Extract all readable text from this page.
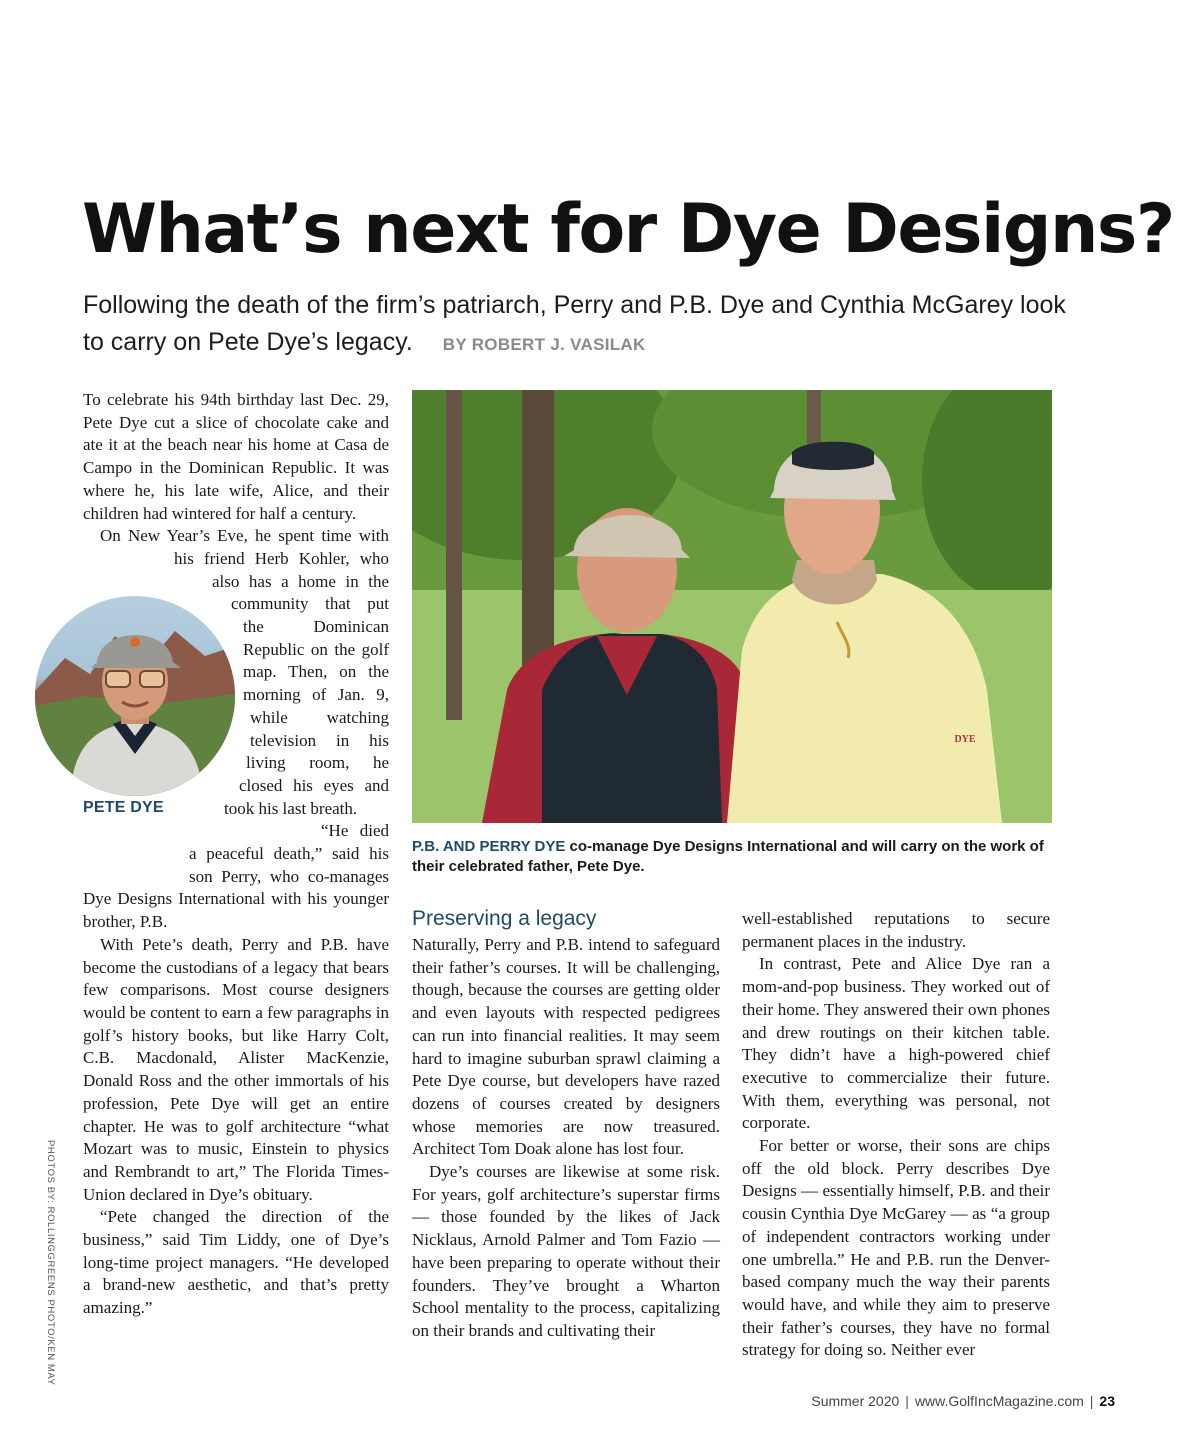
What’s next for Dye Designs?
Following the death of the firm’s patriarch, Perry and P.B. Dye and Cynthia McGarey look to carry on Pete Dye’s legacy. BY ROBERT J. VASILAK

To celebrate his 94th birthday last Dec. 29, Pete Dye cut a slice of chocolate cake and ate it at the beach near his home at Casa de Campo in the Dominican Republic. It was where he, his late wife, Alice, and their children had wintered for half a century.

On New Year’s Eve, he spent time with his friend Herb Kohler, who also has a home in the community that put the Dominican Republic on the golf map. Then, on the morning of Jan. 9, while watching television in his living room, he closed his eyes and took his last breath.

“He died a peaceful death,” said his son Perry, who co-manages Dye Designs International with his younger brother, P.B.

With Pete’s death, Perry and P.B. have become the custodians of a legacy that bears few comparisons. Most course designers would be content to earn a few paragraphs in golf’s history books, but like Harry Colt, C.B. Macdonald, Alister MacKenzie, Donald Ross and the other immortals of his profession, Pete Dye will get an entire chapter. He was to golf architecture “what Mozart was to music, Einstein to physics and Rembrandt to art,” The Florida Times-Union declared in Dye’s obituary.

“Pete changed the direction of the business,” said Tim Liddy, one of Dye’s long-time project managers. “He developed a brand-new aesthetic, and that’s pretty amazing.”

PETE DYE
DYE
P.B. AND PERRY DYE co-manage Dye Designs International and will carry on the work of their celebrated father, Pete Dye.
Preserving a legacy

Naturally, Perry and P.B. intend to safeguard their father’s courses. It will be challenging, though, because the courses are getting older and even layouts with respected pedigrees can run into financial realities. It may seem hard to imagine suburban sprawl claiming a Pete Dye course, but developers have razed dozens of courses created by designers whose memories are now treasured. Architect Tom Doak alone has lost four.

Dye’s courses are likewise at some risk. For years, golf architecture’s superstar firms — those founded by the likes of Jack Nicklaus, Arnold Palmer and Tom Fazio — have been preparing to operate without their founders. They’ve brought a Wharton School mentality to the process, capitalizing on their brands and cultivating their

well-established reputations to secure permanent places in the industry.

In contrast, Pete and Alice Dye ran a mom-and-pop business. They worked out of their home. They answered their own phones and drew routings on their kitchen table. They didn’t have a high-powered chief executive to commercialize their future. With them, everything was personal, not corporate.

For better or worse, their sons are chips off the old block. Perry describes Dye Designs — essentially himself, P.B. and their cousin Cynthia Dye McGarey — as “a group of independent contractors working under one umbrella.” He and P.B. run the Denver-based company much the way their parents would have, and while they aim to preserve their father’s courses, they have no formal strategy for doing so. Neither ever

PHOTOS BY: ROLLINGGREENS PHOTO/KEN MAY
Summer 2020 | www.GolfIncMagazine.com | 23
